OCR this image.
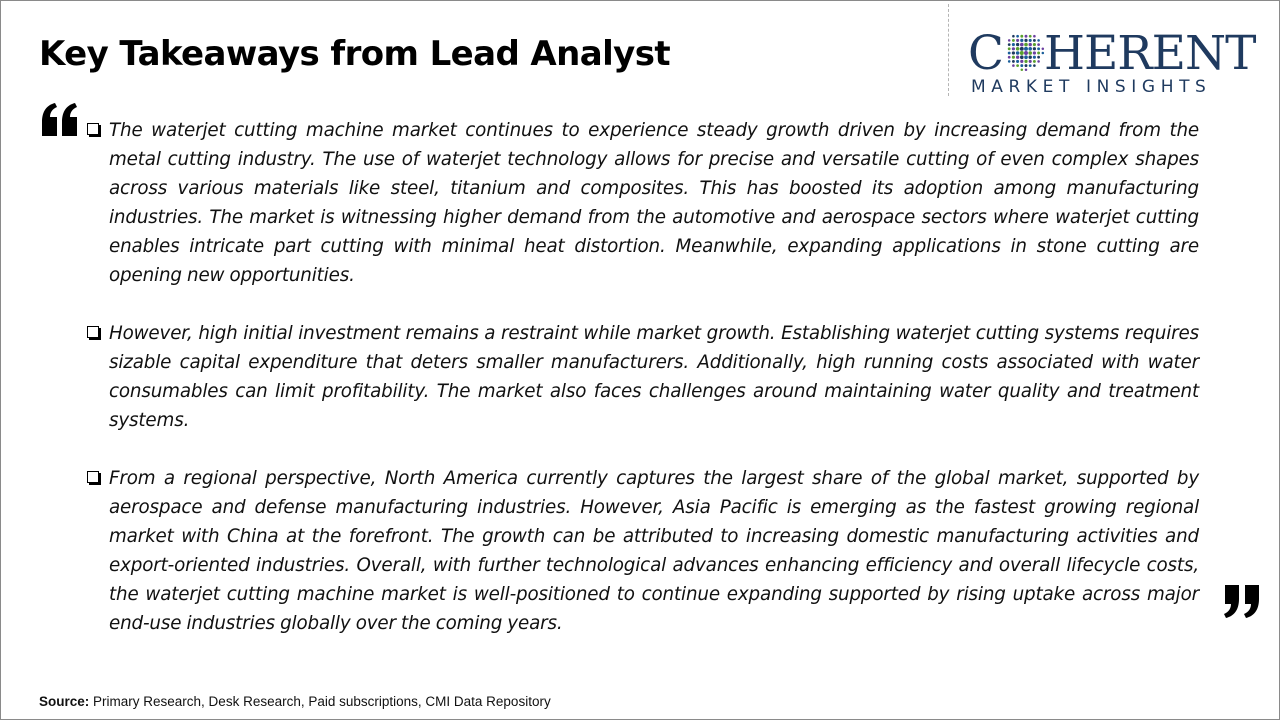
Key Takeaways from Lead Analyst	C HERENT
MARKET INSIGHTS

The waterjet cutting machine market continues to experience steady growth driven by increasing demand from the metal cutting industry. The use of waterjet technology allows for precise and versatile cutting of even complex shapes across various materials like steel, titanium and composites. This has boosted its adoption among manufacturing industries. The market is witnessing higher demand from the automotive and aerospace sectors where waterjet cutting enables intricate part cutting with minimal heat distortion. Meanwhile, expanding applications in stone cutting are opening new opportunities.

However, high initial investment remains a restraint while market growth. Establishing waterjet cutting systems requires sizable capital expenditure that deters smaller manufacturers. Additionally, high running costs associated with water consumables can limit profitability. The market also faces challenges around maintaining water quality and treatment systems.

From a regional perspective, North America currently captures the largest share of the global market, supported by aerospace and defense manufacturing industries. However, Asia Pacific is emerging as the fastest growing regional market with China at the forefront. The growth can be attributed to increasing domestic manufacturing activities and export-oriented industries. Overall, with further technological advances enhancing efficiency and overall lifecycle costs, the waterjet cutting machine market is well-positioned to continue expanding supported by rising uptake across major end-use industries globally over the coming years.

Source: Primary Research, Desk Research, Paid subscriptions, CMI Data Repository
